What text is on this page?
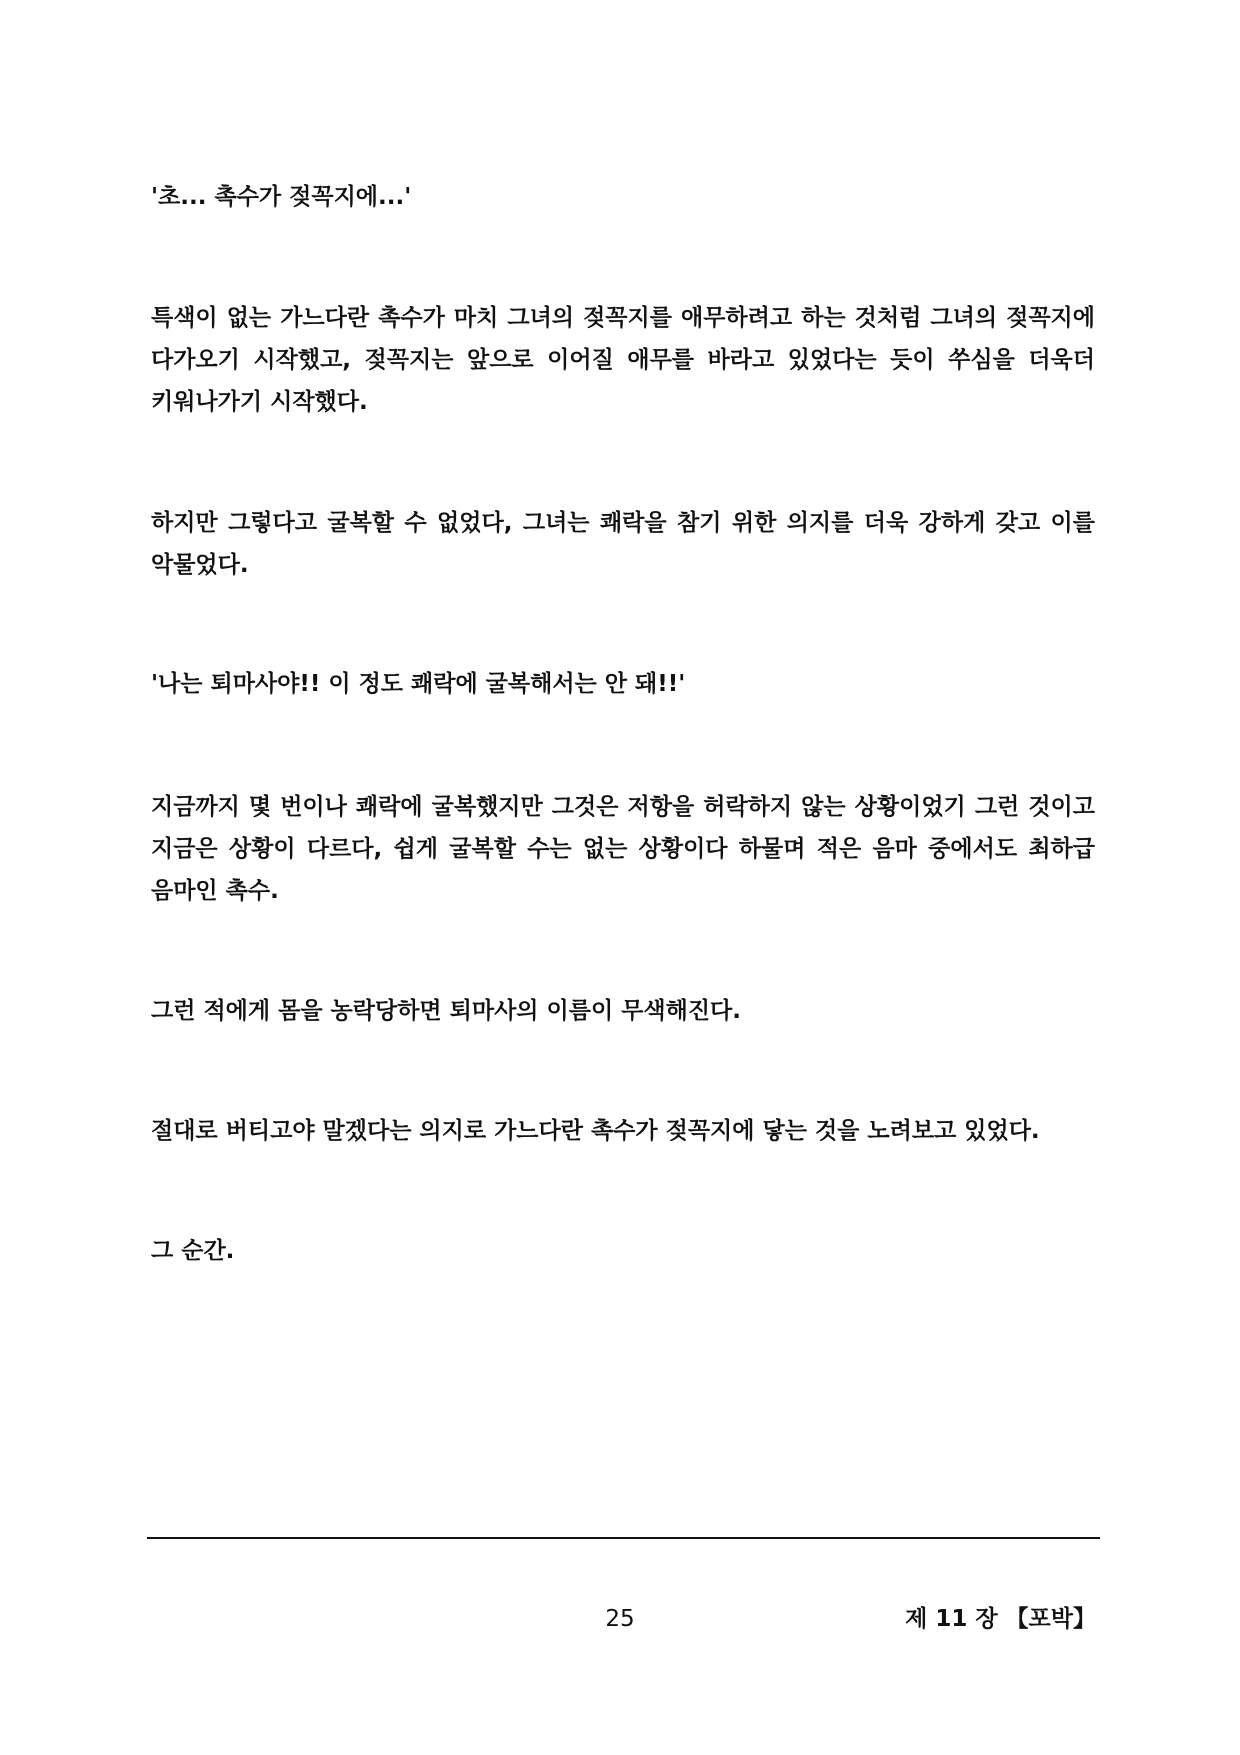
'초... 촉수가 젖꼭지에...'

특색이 없는 가느다란 촉수가 마치 그녀의 젖꼭지를 애무하려고 하는 것처럼 그녀의 젖꼭지에 다가오기 시작했고, 젖꼭지는 앞으로 이어질 애무를 바라고 있었다는 듯이 쑤심을 더욱더 키워나가기 시작했다.

하지만 그렇다고 굴복할 수 없었다, 그녀는 쾌락을 참기 위한 의지를 더욱 강하게 갖고 이를 악물었다.

'나는 퇴마사야!! 이 정도 쾌락에 굴복해서는 안 돼!!'

지금까지 몇 번이나 쾌락에 굴복했지만 그것은 저항을 허락하지 않는 상황이었기 그런 것이고 지금은 상황이 다르다, 쉽게 굴복할 수는 없는 상황이다 하물며 적은 음마 중에서도 최하급 음마인 촉수.

그런 적에게 몸을 농락당하면 퇴마사의 이름이 무색해진다.

절대로 버티고야 말겠다는 의지로 가느다란 촉수가 젖꼭지에 닿는 것을 노려보고 있었다.

그 순간.

25	제 11 장 【포박】
